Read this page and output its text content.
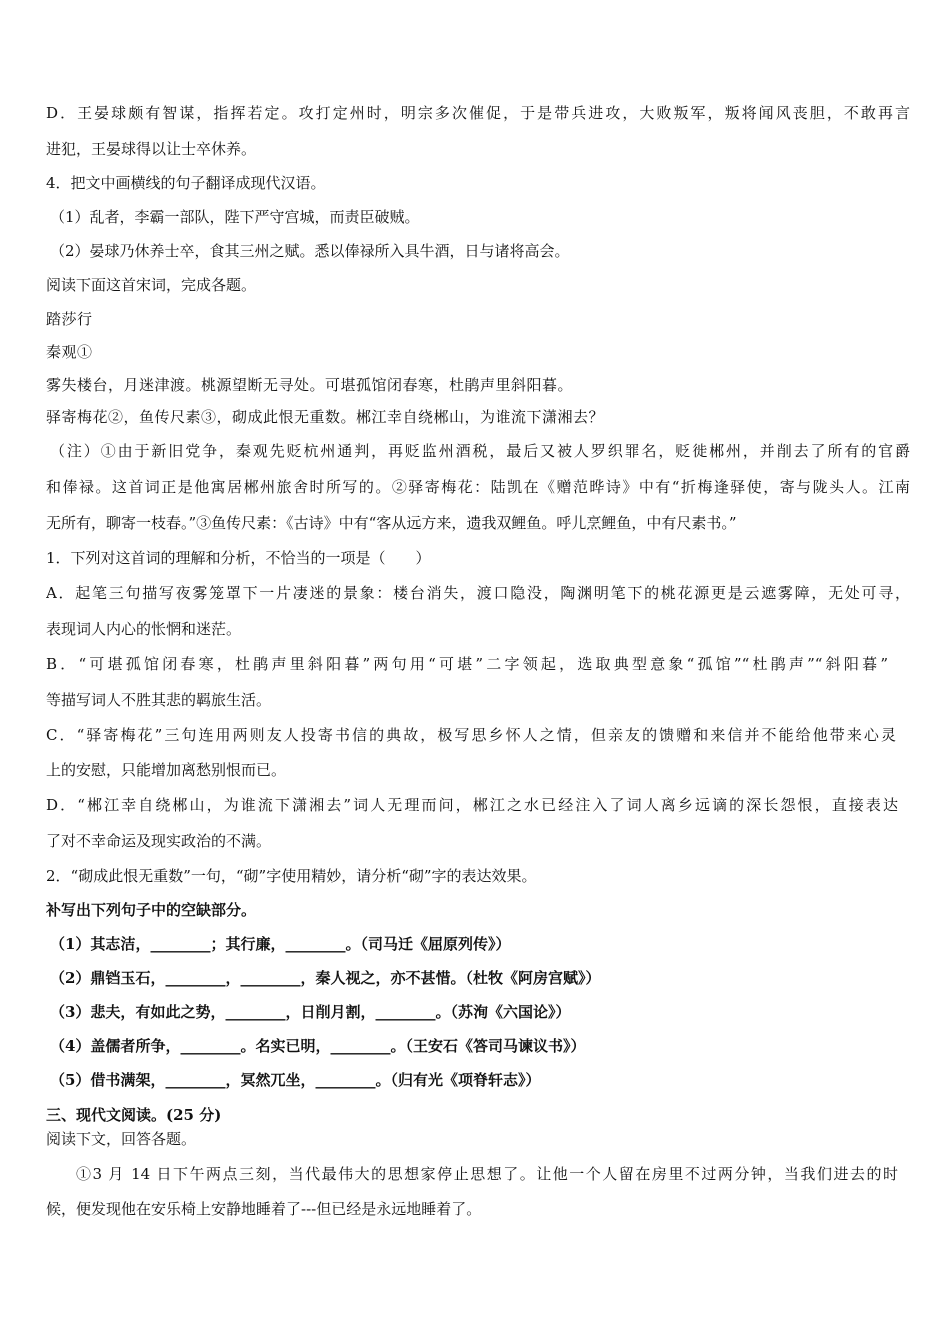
D．王晏球颇有智谋，指挥若定。攻打定州时，明宗多次催促，于是带兵进攻，大败叛军，叛将闻风丧胆，不敢再言
进犯，王晏球得以让士卒休养。
4．把文中画横线的句子翻译成现代汉语。
（1）乱者，李霸一部队，陛下严守宫城，而责臣破贼。
（2）晏球乃休养士卒，食其三州之赋。悉以俸禄所入具牛酒，日与诸将高会。
阅读下面这首宋词，完成各题。
踏莎行
秦观①
雾失楼台，月迷津渡。桃源望断无寻处。可堪孤馆闭春寒，杜鹃声里斜阳暮。
驿寄梅花②，鱼传尺素③，砌成此恨无重数。郴江幸自绕郴山，为谁流下潇湘去？
（注）①由于新旧党争，秦观先贬杭州通判，再贬监州酒税，最后又被人罗织罪名，贬徙郴州，并削去了所有的官爵
和俸禄。这首词正是他寓居郴州旅舍时所写的。②驿寄梅花：陆凯在《赠范晔诗》中有“折梅逢驿使，寄与陇头人。江南
无所有，聊寄一枝春。”③鱼传尺素：《古诗》中有“客从远方来，遗我双鲤鱼。呼儿烹鲤鱼，中有尺素书。”
1．下列对这首词的理解和分析，不恰当的一项是（　　）
A．起笔三句描写夜雾笼罩下一片凄迷的景象：楼台消失，渡口隐没，陶渊明笔下的桃花源更是云遮雾障，无处可寻，
表现词人内心的怅惘和迷茫。
B．“可堪孤馆闭春寒，杜鹃声里斜阳暮”两句用“可堪”二字领起，选取典型意象“孤馆”“杜鹃声”“斜阳暮”
等描写词人不胜其悲的羁旅生活。
C．“驿寄梅花”三句连用两则友人投寄书信的典故，极写思乡怀人之情，但亲友的馈赠和来信并不能给他带来心灵
上的安慰，只能增加离愁别恨而已。
D．“郴江幸自绕郴山，为谁流下潇湘去”词人无理而问，郴江之水已经注入了词人离乡远谪的深长怨恨，直接表达
了对不幸命运及现实政治的不满。
2．“砌成此恨无重数”一句，“砌”字使用精妙，请分析“砌”字的表达效果。
补写出下列句子中的空缺部分。
（1）其志洁，________；其行廉，________。（司马迁《屈原列传》）
（2）鼎铛玉石，________，________，秦人视之，亦不甚惜。（杜牧《阿房宫赋》）
（3）悲夫，有如此之势，________，日削月割，________。（苏洵《六国论》）
（4）盖儒者所争，________。名实已明，________。（王安石《答司马谏议书》）
（5）借书满架，________，冥然兀坐，________。（归有光《项脊轩志》）
三、现代文阅读。(25 分)
阅读下文，回答各题。
①3 月 14 日下午两点三刻，当代最伟大的思想家停止思想了。让他一个人留在房里不过两分钟，当我们进去的时
候，便发现他在安乐椅上安静地睡着了---但已经是永远地睡着了。
